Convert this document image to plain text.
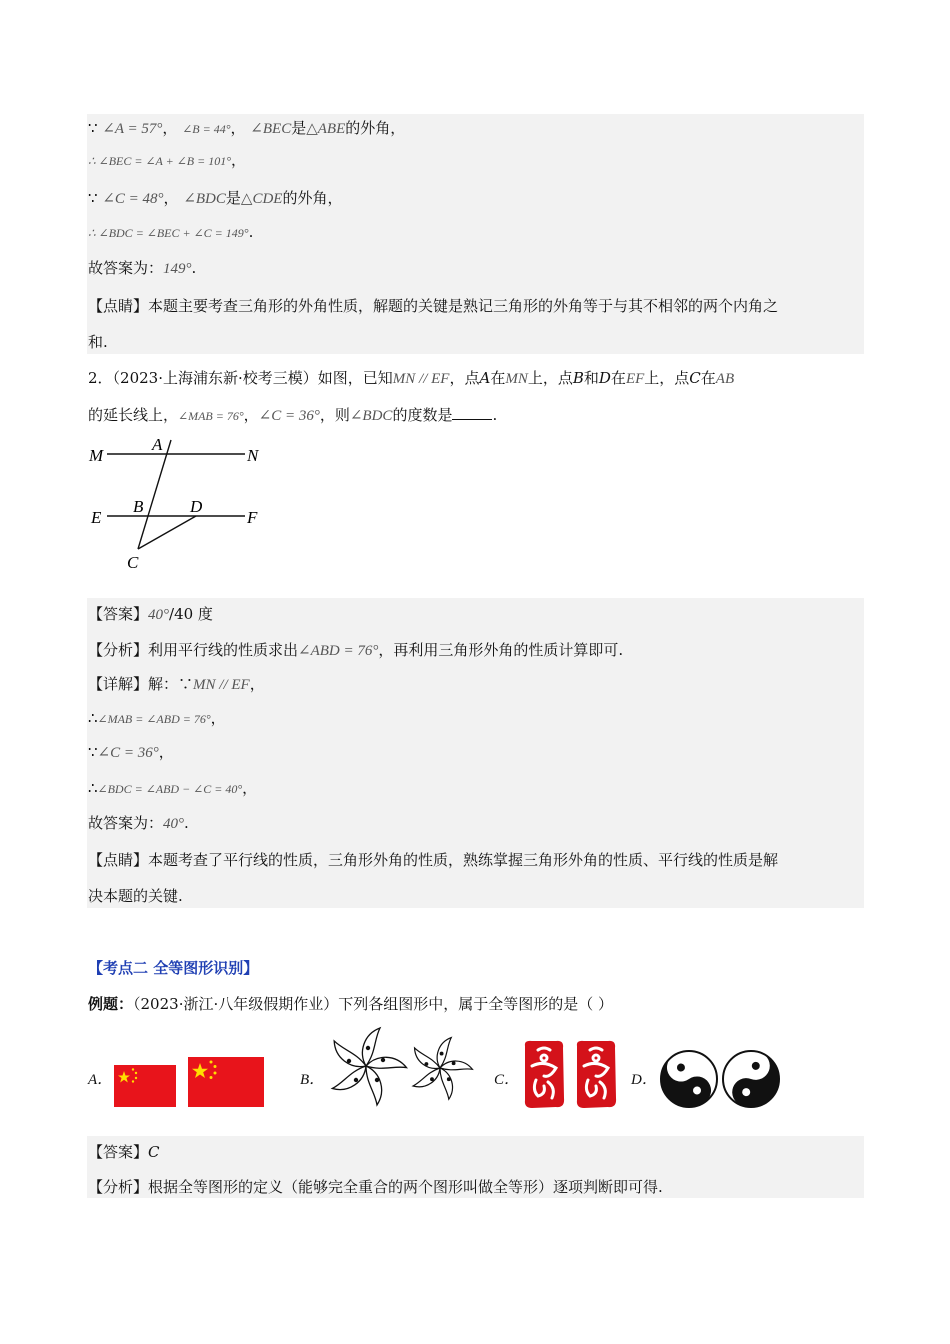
∵ ∠A = 57°， ∠B = 44°， ∠BEC是△ABE的外角，
∴ ∠BEC = ∠A + ∠B = 101°，
∵ ∠C = 48°， ∠BDC是△CDE的外角，
∴ ∠BDC = ∠BEC + ∠C = 149°.
故答案为：149°.
【点睛】本题主要考查三角形的外角性质，解题的关键是熟记三角形的外角等于与其不相邻的两个内角之
和.
2．（2023·上海浦东新·校考三模）如图，已知MN // EF，点A在MN上，点B和D在EF上，点C在AB
的延长线上，∠MAB = 76°，∠C = 36°，则∠BDC的度数是	.
M	N
A
E	F
B	D
C
【答案】40°/40 度
【分析】利用平行线的性质求出∠ABD = 76°，再利用三角形外角的性质计算即可.
【详解】解：∵MN // EF，
∴∠MAB = ∠ABD = 76°，
∵∠C = 36°，
∴∠BDC = ∠ABD − ∠C = 40°，
故答案为：40°.
【点睛】本题考查了平行线的性质，三角形外角的性质，熟练掌握三角形外角的性质、平行线的性质是解
决本题的关键.
【考点二 全等图形识别】
例题：（2023·浙江·八年级假期作业）下列各组图形中，属于全等图形的是（ ）
A．	B．	C．	D．
【答案】C
【分析】根据全等图形的定义（能够完全重合的两个图形叫做全等形）逐项判断即可得.
